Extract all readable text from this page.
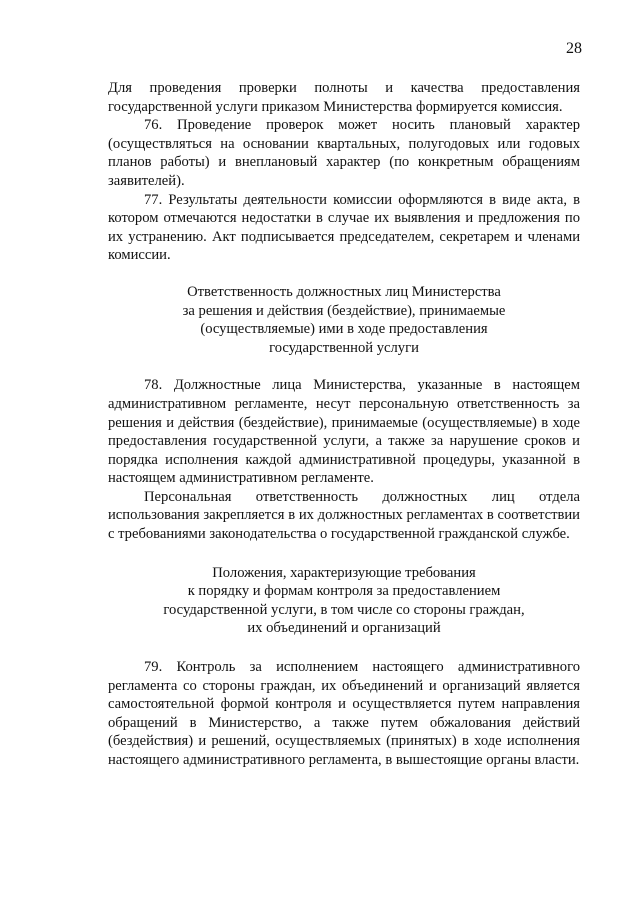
28

Для проведения проверки полноты и качества предоставления государственной услуги приказом Министерства формируется комиссия.

76. Проведение проверок может носить плановый характер (осуществляться на основании квартальных, полугодовых или годовых планов работы) и внеплановый характер (по конкретным обращениям заявителей).

77. Результаты деятельности комиссии оформляются в виде акта, в котором отмечаются недостатки в случае их выявления и предложения по их устранению. Акт подписывается председателем, секретарем и членами комиссии.

Ответственность должностных лиц Министерства
за решения и действия (бездействие), принимаемые
(осуществляемые) ими в ходе предоставления
государственной услуги

78. Должностные лица Министерства, указанные в настоящем административном регламенте, несут персональную ответственность за решения и действия (бездействие), принимаемые (осуществляемые) в ходе предоставления государственной услуги, а также за нарушение сроков и порядка исполнения каждой административной процедуры, указанной в настоящем административном регламенте.

Персональная ответственность должностных лиц отдела использования закрепляется в их должностных регламентах в соответствии с требованиями законодательства о государственной гражданской службе.

Положения, характеризующие требования
к порядку и формам контроля за предоставлением
государственной услуги, в том числе со стороны граждан,
их объединений и организаций

79. Контроль за исполнением настоящего административного регламента со стороны граждан, их объединений и организаций является самостоятельной формой контроля и осуществляется путем направления обращений в Министерство, а также путем обжалования действий (бездействия) и решений, осуществляемых (принятых) в ходе исполнения настоящего административного регламента, в вышестоящие органы власти.
